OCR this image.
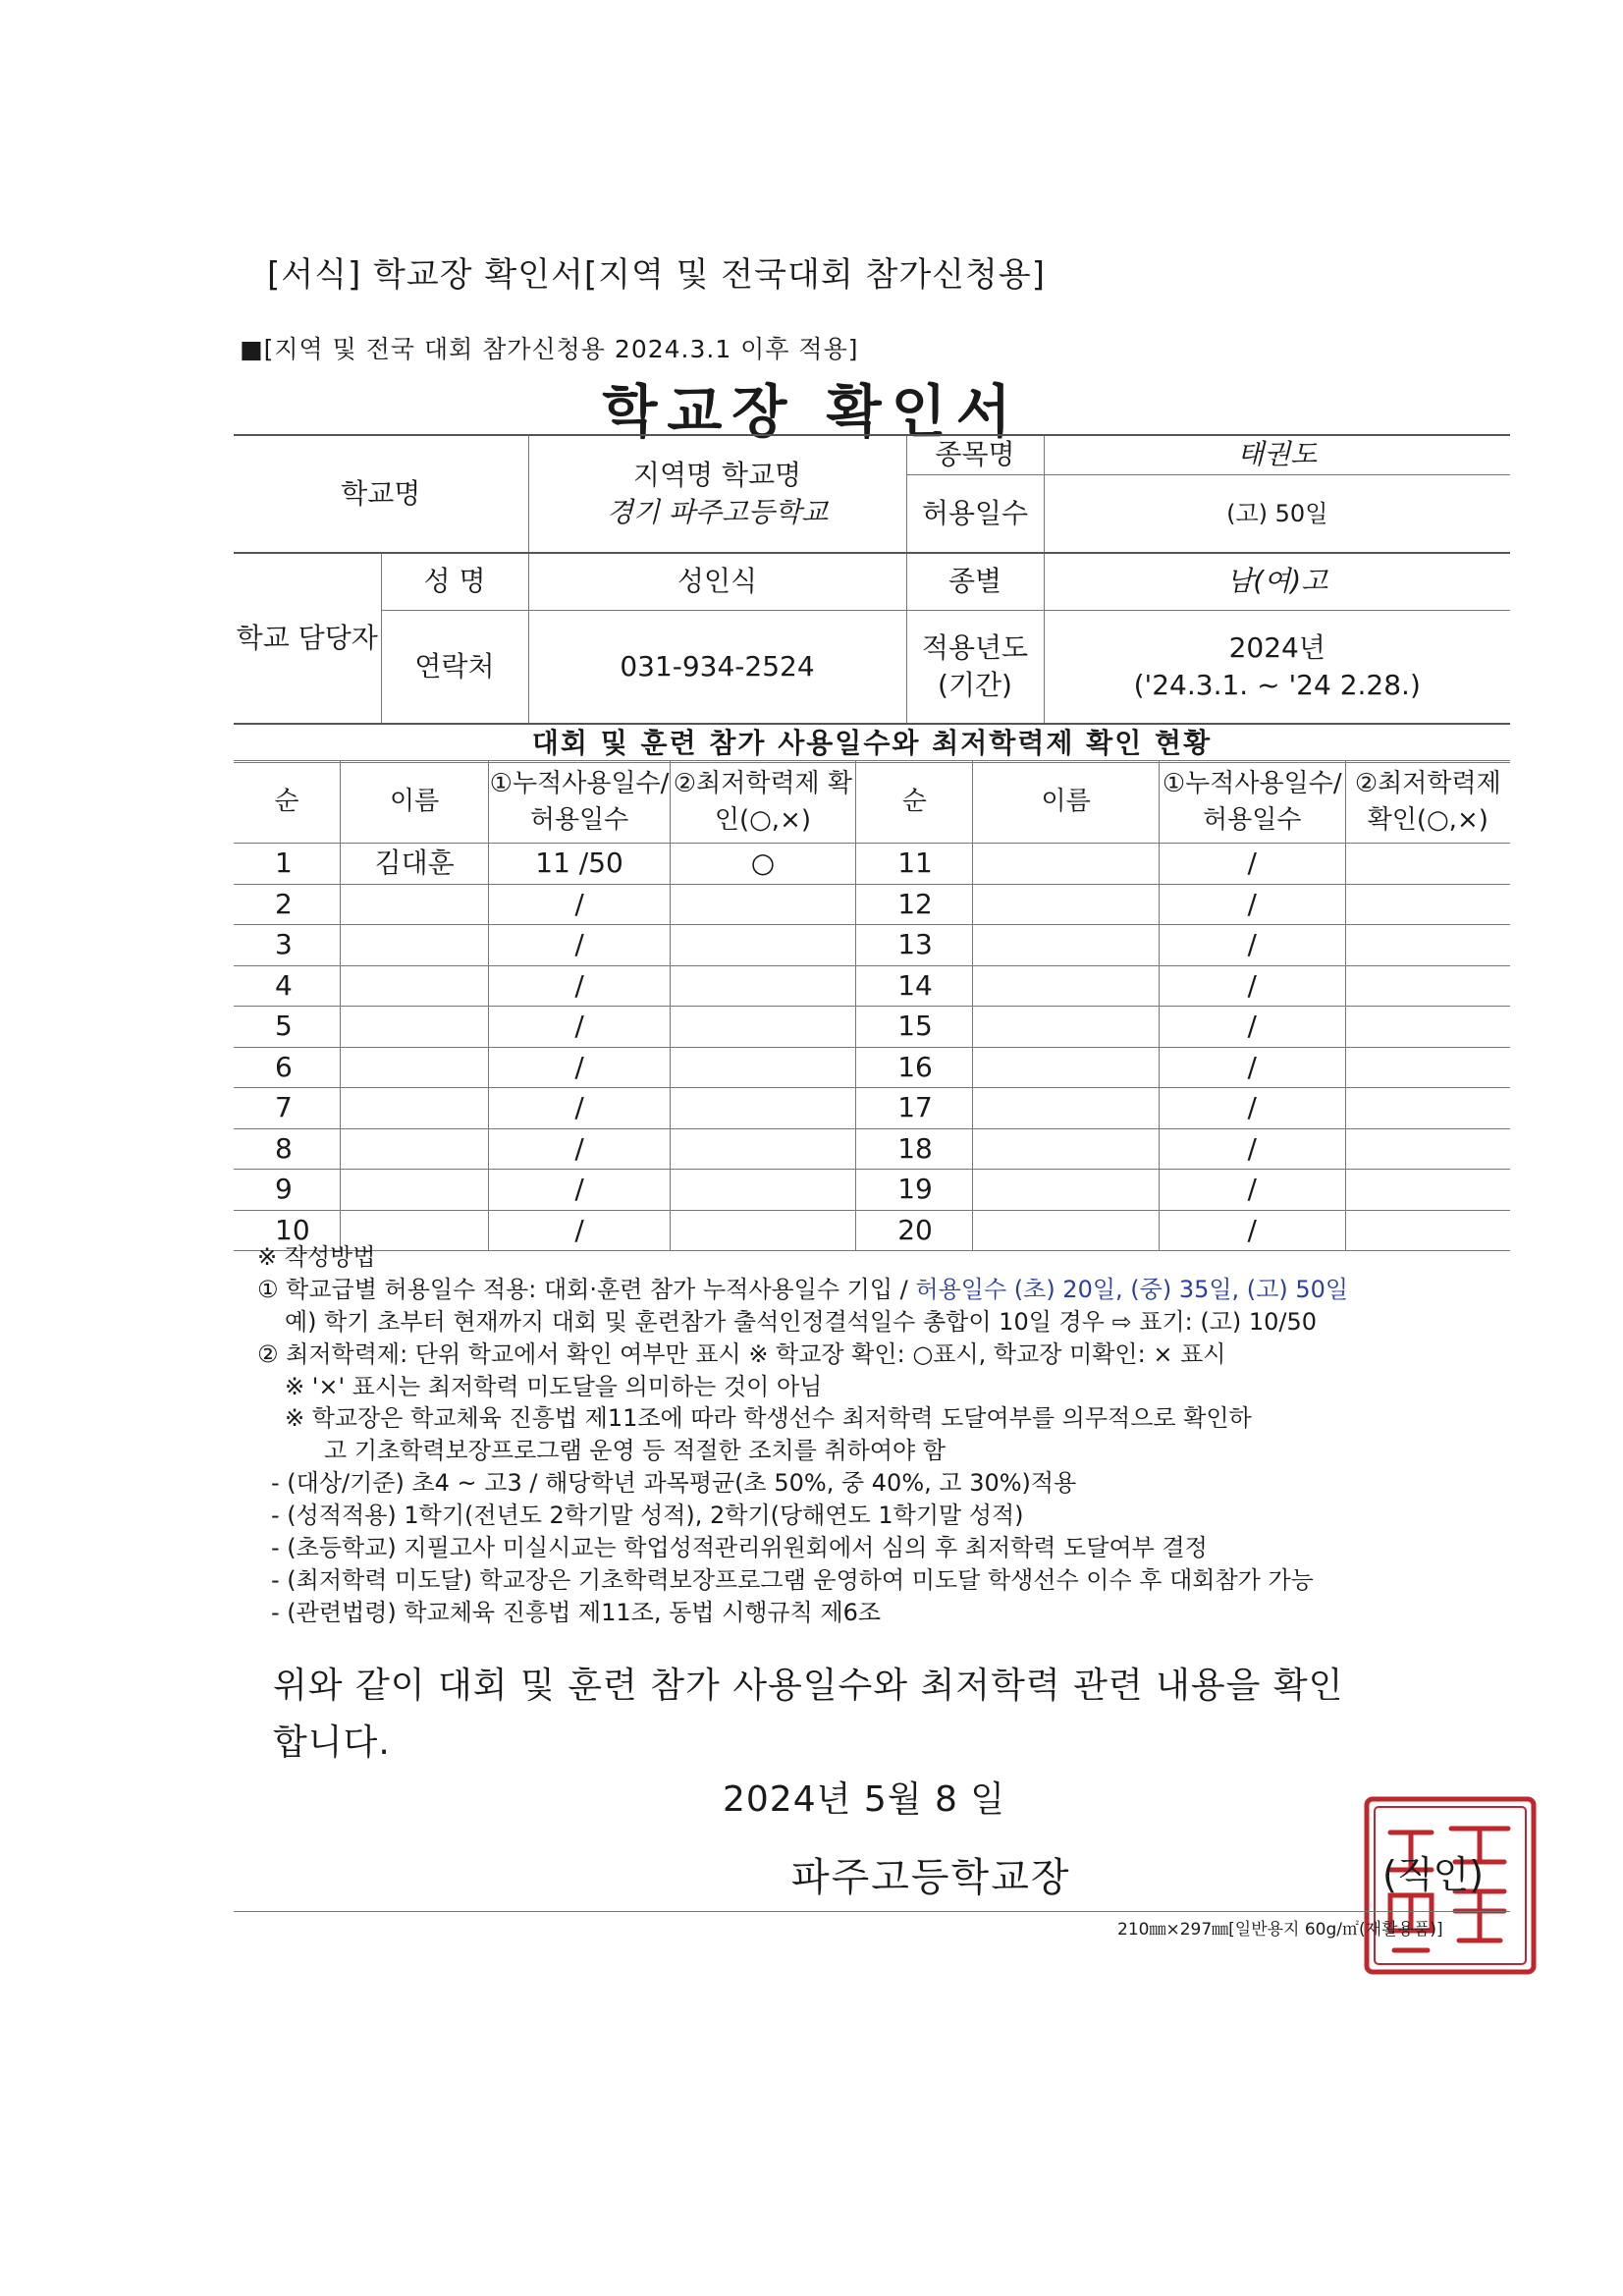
[서식] 학교장 확인서[지역 및 전국대회 참가신청용]
■[지역 및 전국 대회 참가신청용 2024.3.1 이후 적용]
학교장 확인서
학교명		지역명 학교명
경기 파주고등학교	종목명	태권도
			허용일수	(고) 50일
학교 담당자	성 명	성인식	종별	남(여)고
	연락처	031-934-2524	적용년도 (기간)	2024년
('24.3.1. ~ '24 2.28.)
대회 및 훈련 참가 사용일수와 최저학력제 확인 현황
순	이름	①누적사용일수/허용일수	②최저학력제 확인(○,×)	순	이름	①누적사용일수/허용일수	②최저학력제 확인(○,×)
1	김대훈	11 /50	○	11		/	
2		/		12		/	
3		/		13		/	
4		/		14		/	
5		/		15		/	
6		/		16		/	
7		/		17		/	
8		/		18		/	
9		/		19		/	
10		/		20		/	
※ 작성방법
① 학교급별 허용일수 적용: 대회·훈련 참가 누적사용일수 기입 / 허용일수 (초) 20일, (중) 35일, (고) 50일
예) 학기 초부터 현재까지 대회 및 훈련참가 출석인정결석일수 총합이 10일 경우 ⇨ 표기: (고) 10/50
② 최저학력제: 단위 학교에서 확인 여부만 표시 ※ 학교장 확인: ○표시, 학교장 미확인: × 표시
※ '×' 표시는 최저학력 미도달을 의미하는 것이 아님
※ 학교장은 학교체육 진흥법 제11조에 따라 학생선수 최저학력 도달여부를 의무적으로 확인하
고 기초학력보장프로그램 운영 등 적절한 조치를 취하여야 함
- (대상/기준) 초4 ~ 고3 / 해당학년 과목평균(초 50%, 중 40%, 고 30%)적용
- (성적적용) 1학기(전년도 2학기말 성적), 2학기(당해연도 1학기말 성적)
- (초등학교) 지필고사 미실시교는 학업성적관리위원회에서 심의 후 최저학력 도달여부 결정
- (최저학력 미도달) 학교장은 기초학력보장프로그램 운영하여 미도달 학생선수 이수 후 대회참가 가능
- (관련법령) 학교체육 진흥법 제11조, 동법 시행규칙 제6조
위와 같이 대회 및 훈련 참가 사용일수와 최저학력 관련 내용을 확인
합니다.
2024년 5월 8 일
파주고등학교장	(직인)
210㎜×297㎜[일반용지 60g/㎡(재활용품)]
